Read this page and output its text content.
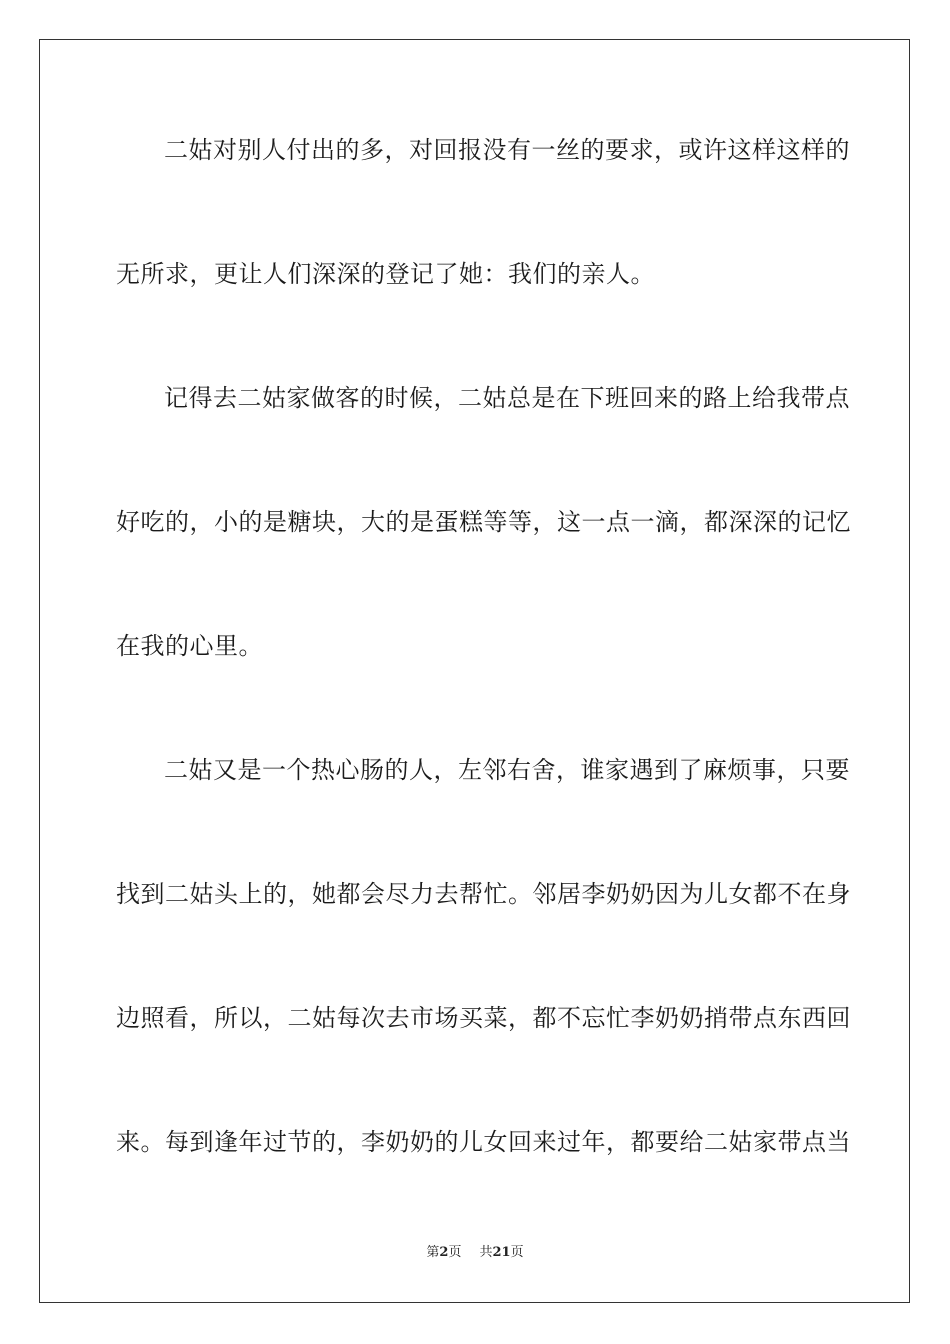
二姑对别人付出的多，对回报没有一丝的要求，或许这样这样的
无所求，更让人们深深的登记了她：我们的亲人。
记得去二姑家做客的时候，二姑总是在下班回来的路上给我带点
好吃的，小的是糖块，大的是蛋糕等等，这一点一滴，都深深的记忆
在我的心里。
二姑又是一个热心肠的人，左邻右舍，谁家遇到了麻烦事，只要
找到二姑头上的，她都会尽力去帮忙。邻居李奶奶因为儿女都不在身
边照看，所以，二姑每次去市场买菜，都不忘忙李奶奶捎带点东西回
来。每到逢年过节的，李奶奶的儿女回来过年，都要给二姑家带点当
第2页 共21页
